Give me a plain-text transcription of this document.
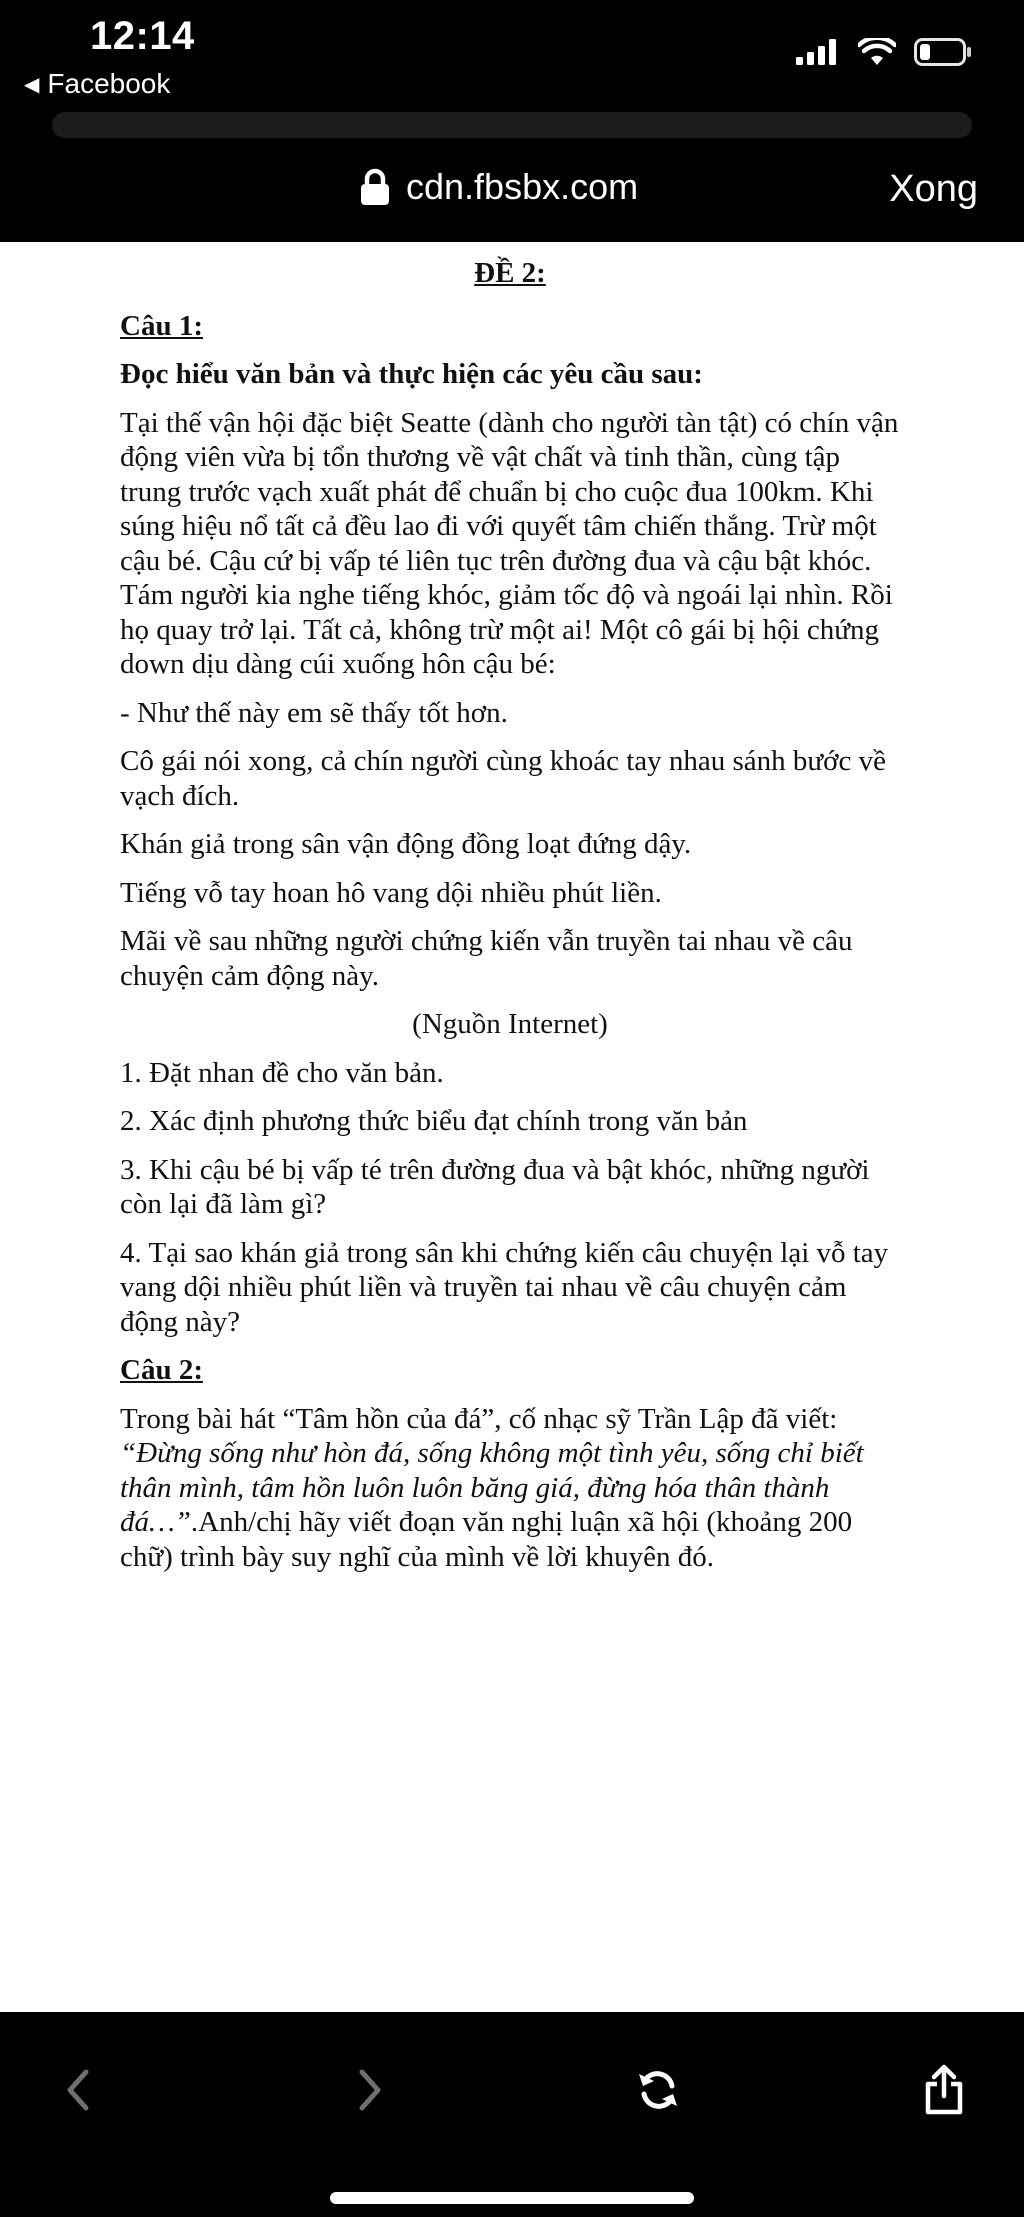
12:14
◀ Facebook
cdn.fbsbx.com	Xong

ĐỀ 2:

Câu 1:

Đọc hiểu văn bản và thực hiện các yêu cầu sau:

Tại thế vận hội đặc biệt Seatte (dành cho người tàn tật) có chín vận động viên vừa bị tổn thương về vật chất và tinh thần, cùng tập trung trước vạch xuất phát để chuẩn bị cho cuộc đua 100km. Khi súng hiệu nổ tất cả đều lao đi với quyết tâm chiến thắng. Trừ một cậu bé. Cậu cứ bị vấp té liên tục trên đường đua và cậu bật khóc. Tám người kia nghe tiếng khóc, giảm tốc độ và ngoái lại nhìn. Rồi họ quay trở lại. Tất cả, không trừ một ai! Một cô gái bị hội chứng down dịu dàng cúi xuống hôn cậu bé:

- Như thế này em sẽ thấy tốt hơn.

Cô gái nói xong, cả chín người cùng khoác tay nhau sánh bước về vạch đích.

Khán giả trong sân vận động đồng loạt đứng dậy.

Tiếng vỗ tay hoan hô vang dội nhiều phút liền.

Mãi về sau những người chứng kiến vẫn truyền tai nhau về câu chuyện cảm động này.

(Nguồn Internet)

1. Đặt nhan đề cho văn bản.

2. Xác định phương thức biểu đạt chính trong văn bản

3. Khi cậu bé bị vấp té trên đường đua và bật khóc, những người còn lại đã làm gì?

4. Tại sao khán giả trong sân khi chứng kiến câu chuyện lại vỗ tay vang dội nhiều phút liền và truyền tai nhau về câu chuyện cảm động này?

Câu 2:

Trong bài hát “Tâm hồn của đá”, cố nhạc sỹ Trần Lập đã viết: “Đừng sống như hòn đá, sống không một tình yêu, sống chỉ biết thân mình, tâm hồn luôn luôn băng giá, đừng hóa thân thành đá…”.Anh/chị hãy viết đoạn văn nghị luận xã hội (khoảng 200 chữ) trình bày suy nghĩ của mình về lời khuyên đó.
